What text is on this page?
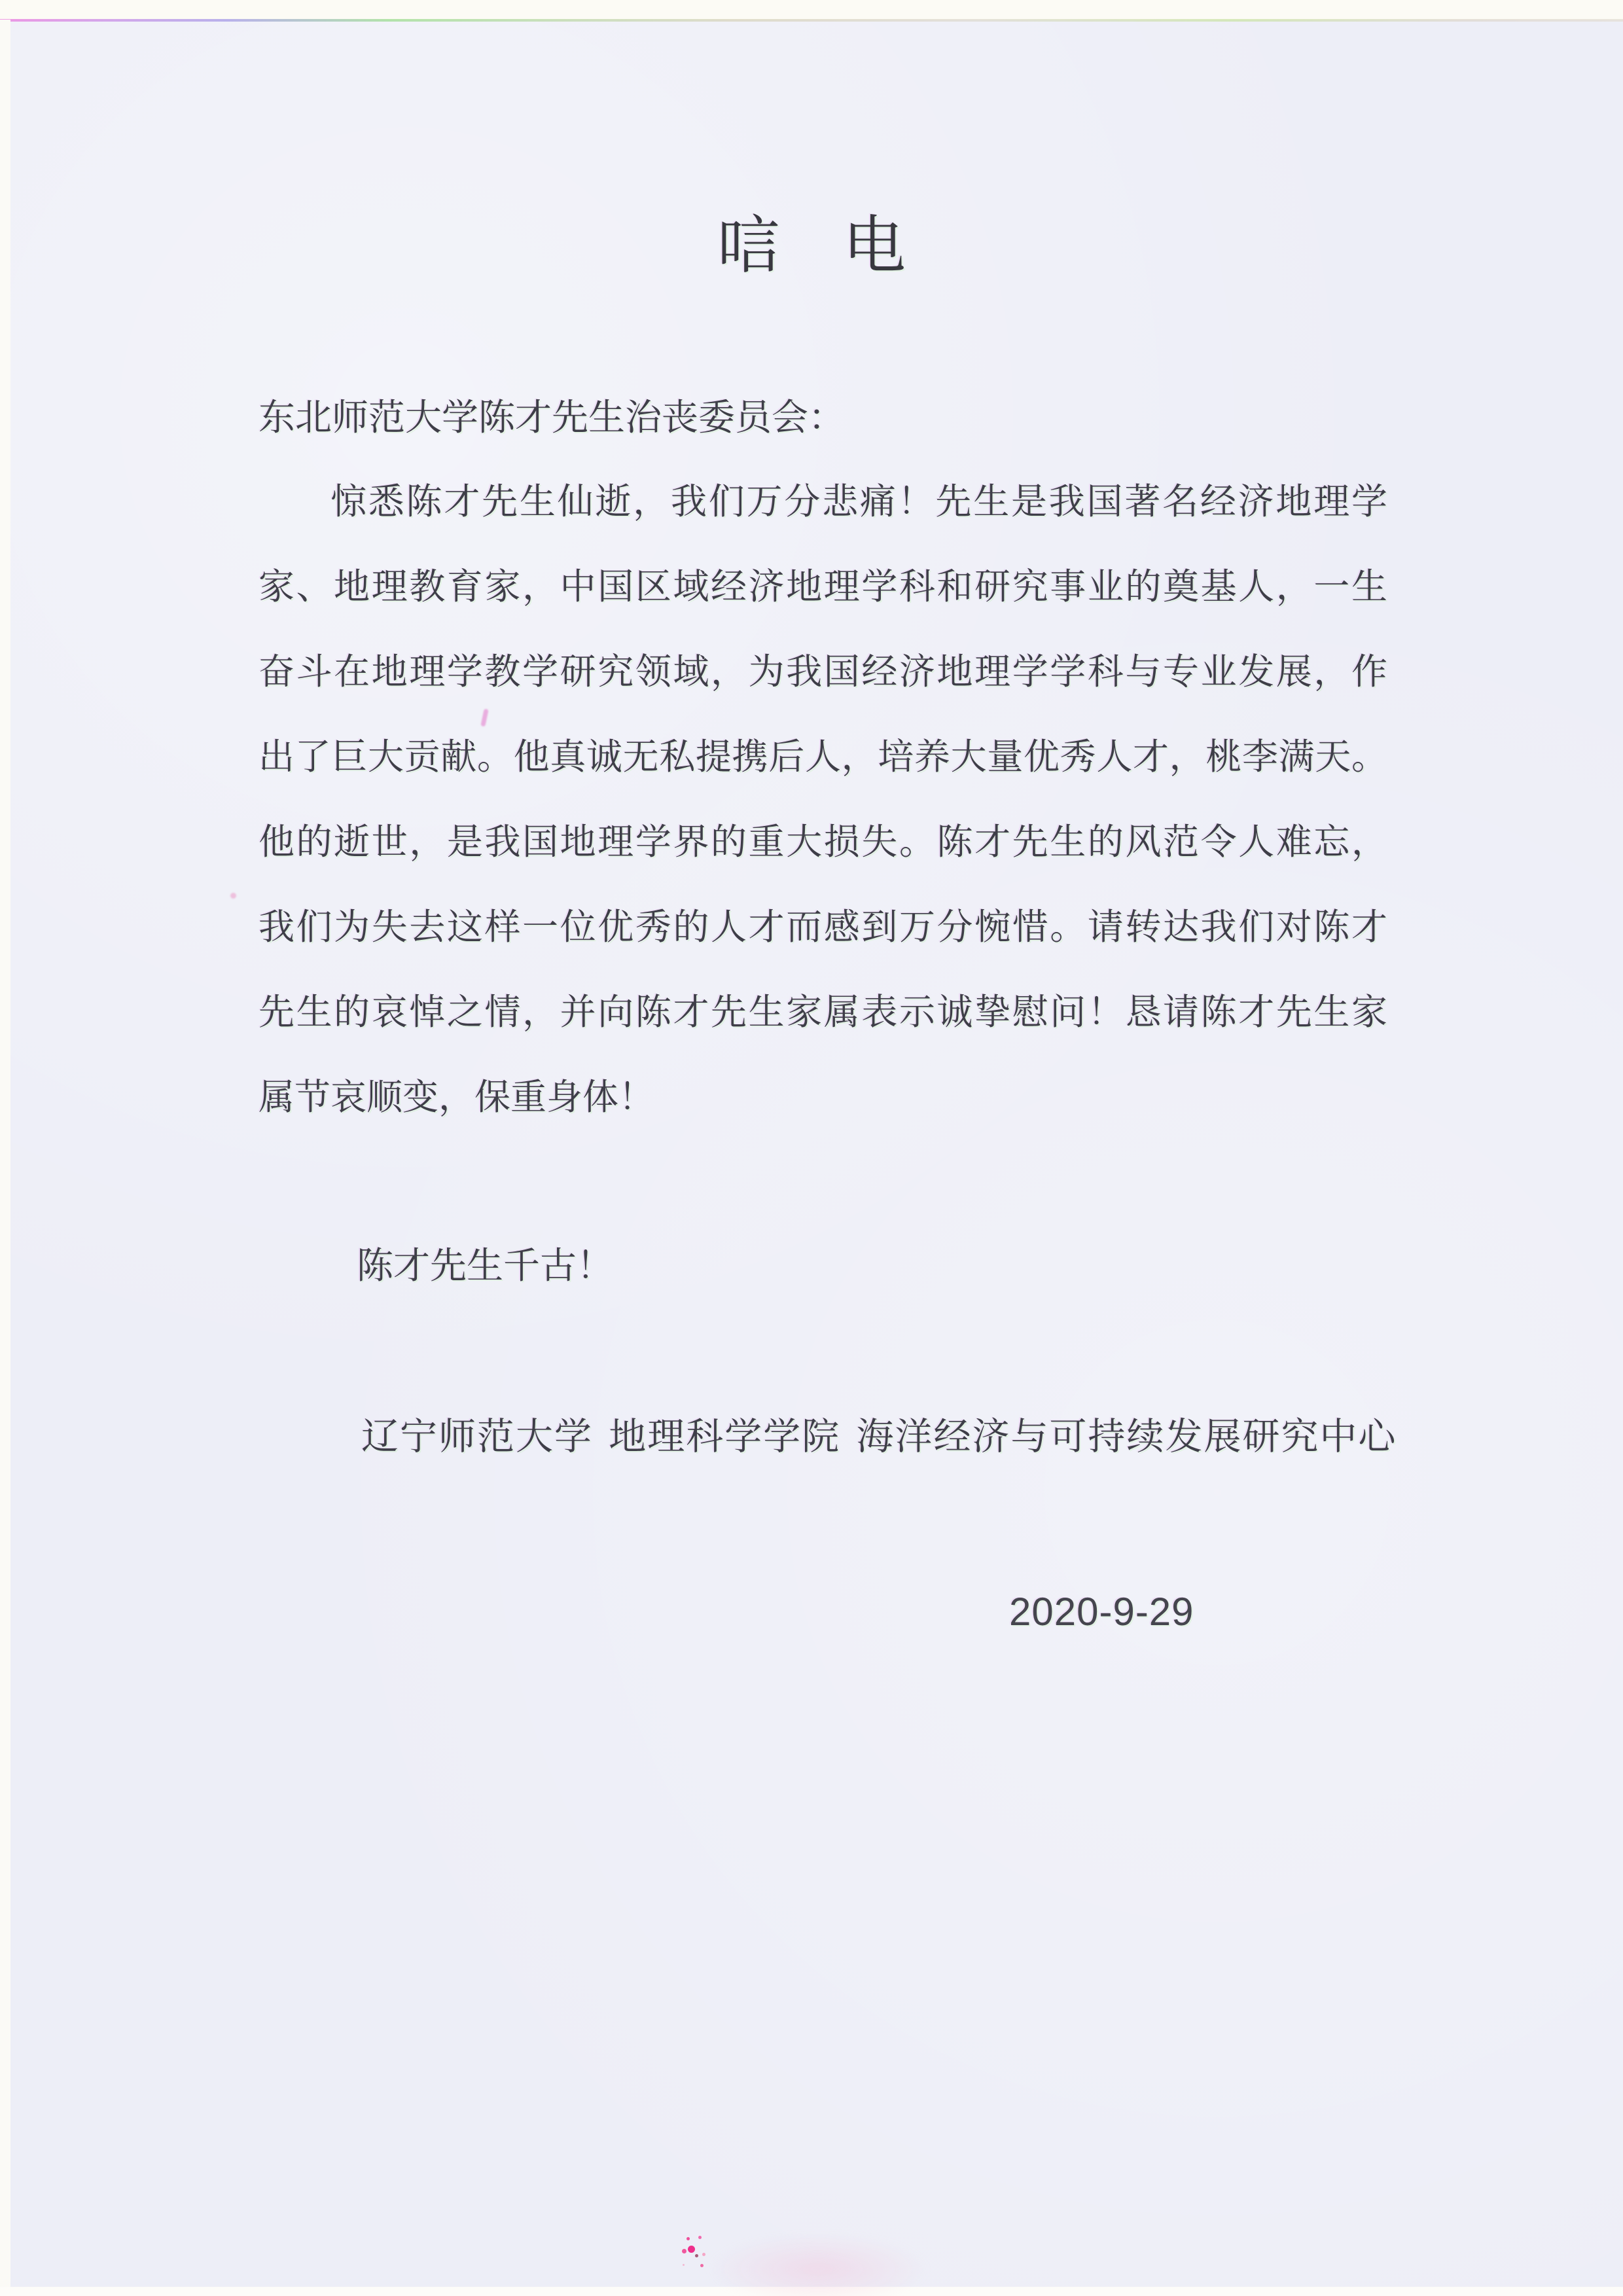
唁　电
东北师范大学陈才先生治丧委员会：
惊悉陈才先生仙逝，我们万分悲痛！先生是我国著名经济地理学
家、地理教育家，中国区域经济地理学科和研究事业的奠基人，一生
奋斗在地理学教学研究领域，为我国经济地理学学科与专业发展，作
出了巨大贡献。他真诚无私提携后人，培养大量优秀人才，桃李满天。
他的逝世，是我国地理学界的重大损失。陈才先生的风范令人难忘，
我们为失去这样一位优秀的人才而感到万分惋惜。请转达我们对陈才
先生的哀悼之情，并向陈才先生家属表示诚挚慰问！恳请陈才先生家
属节哀顺变，保重身体！
陈才先生千古！
辽宁师范大学 地理科学学院 海洋经济与可持续发展研究中心
2020-9-29
